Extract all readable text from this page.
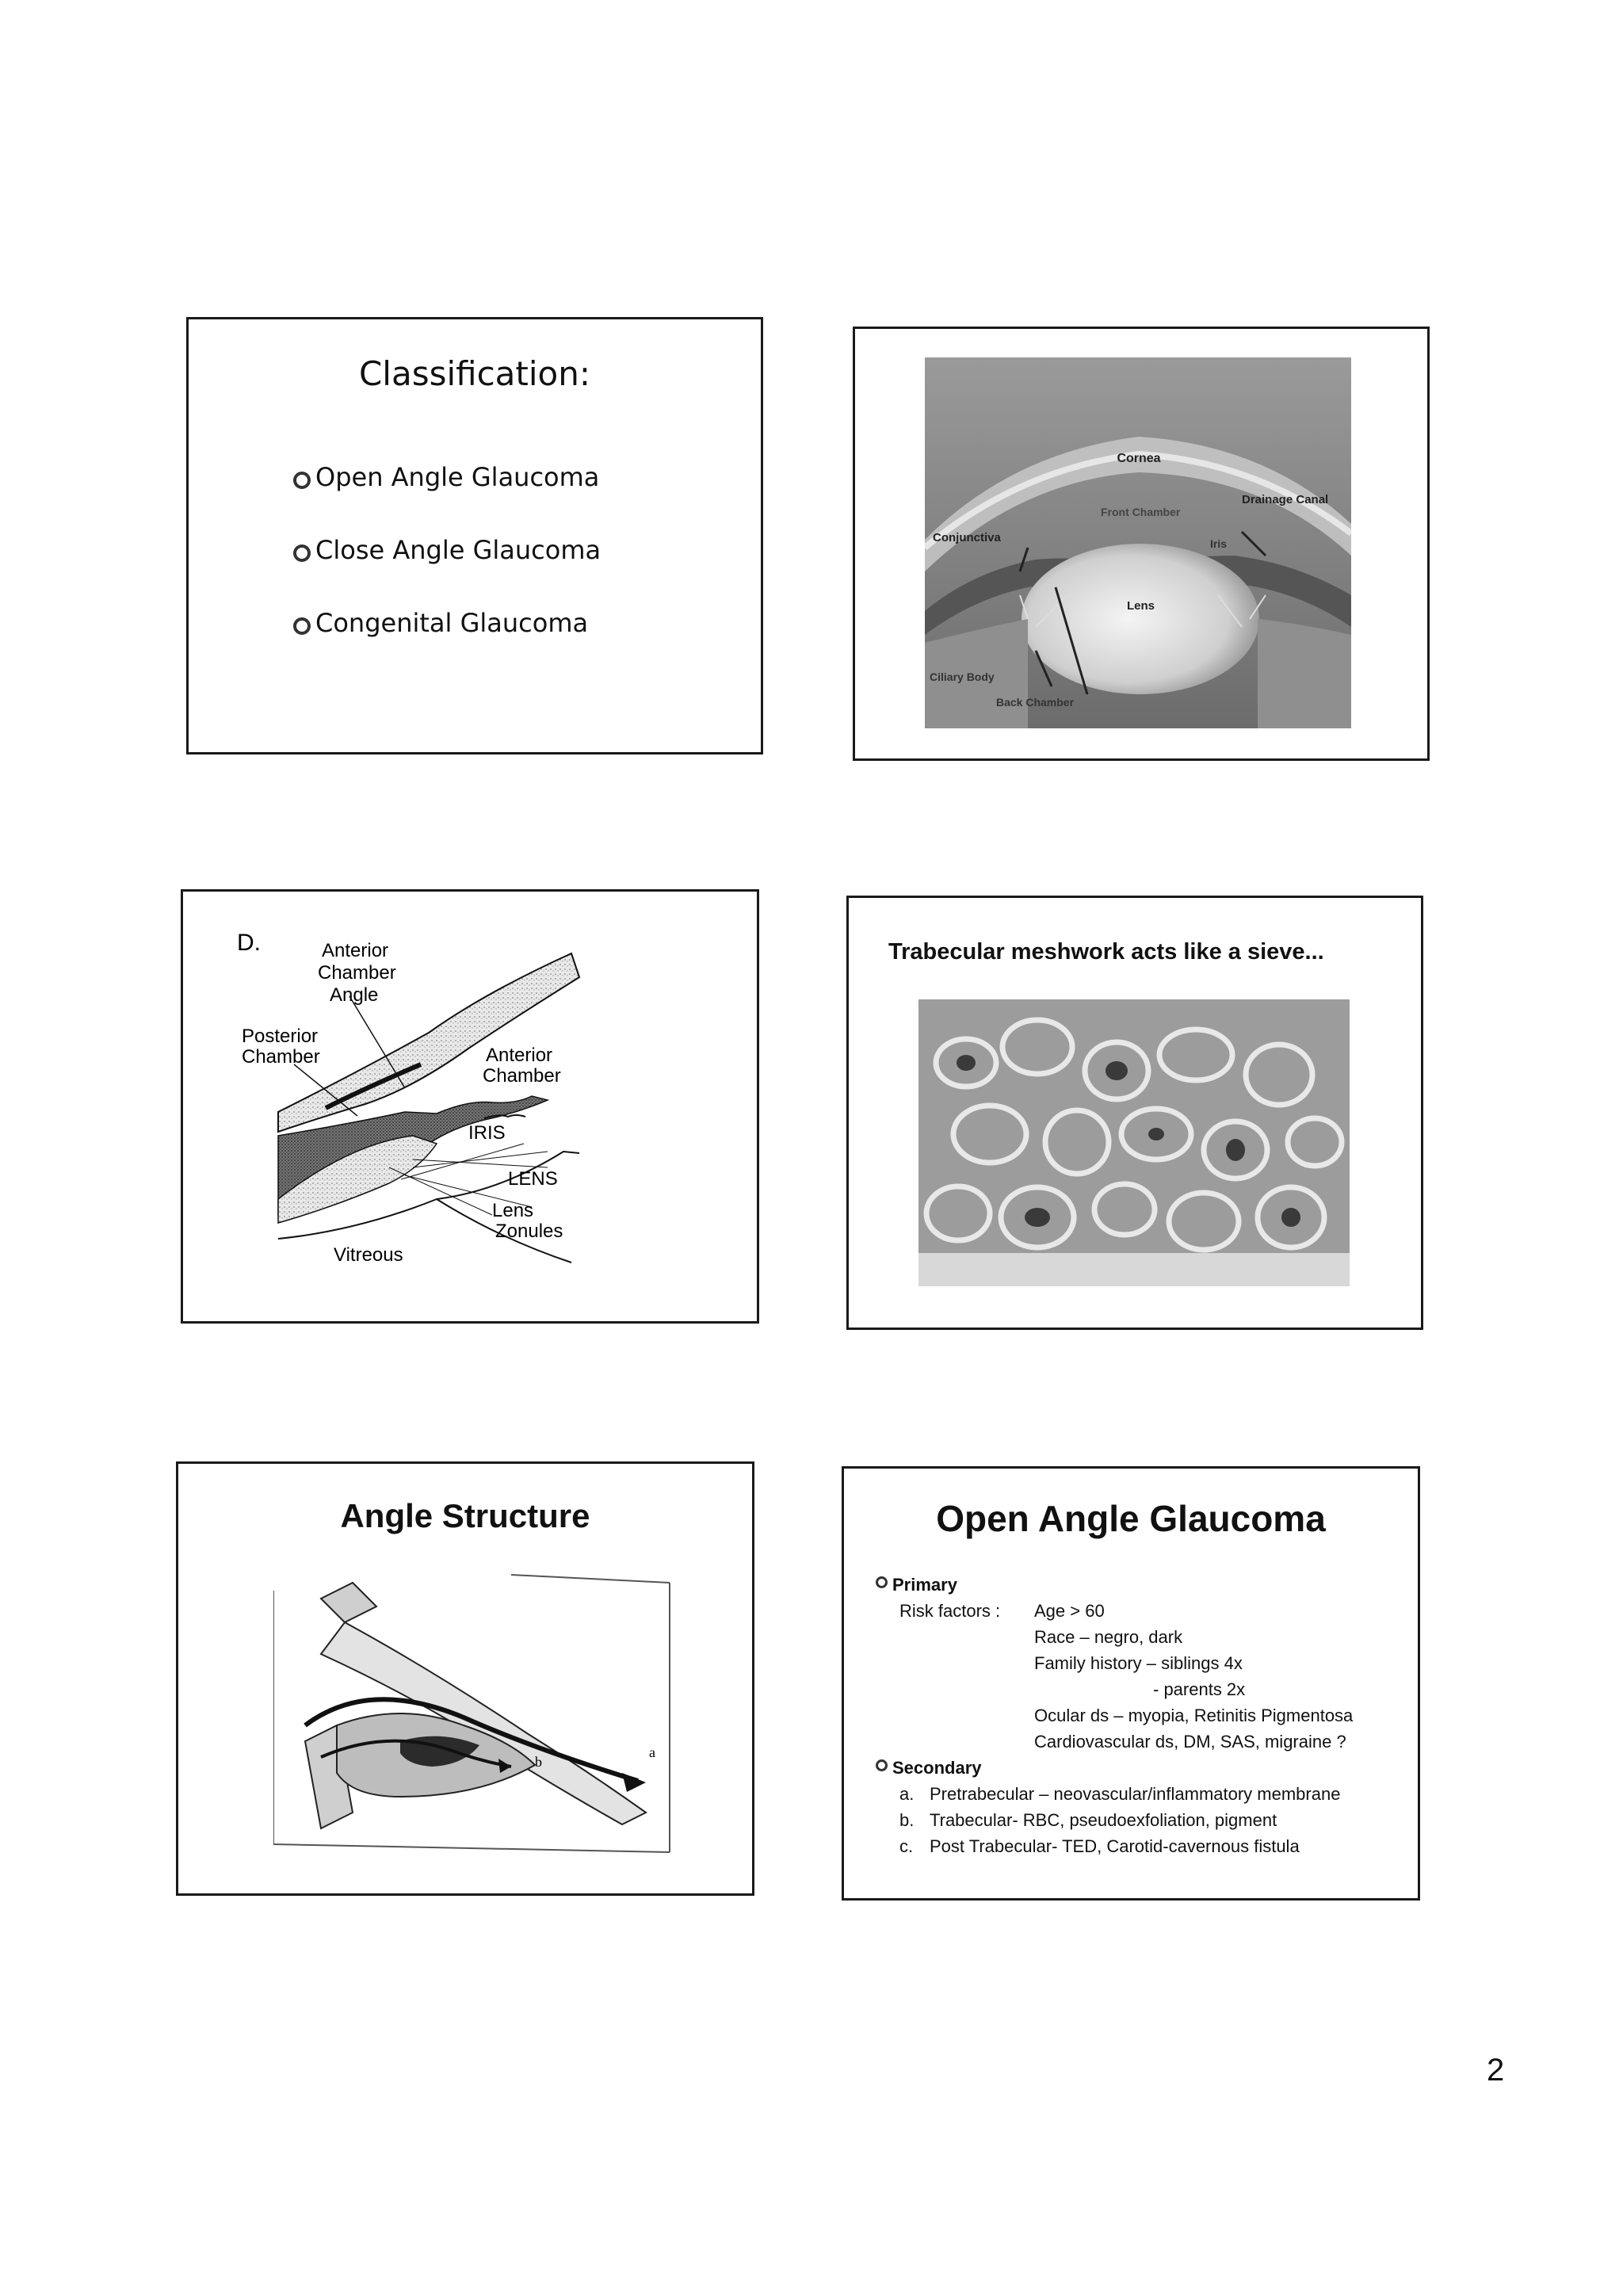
Classification:
Open Angle Glaucoma
Close Angle Glaucoma
Congenital Glaucoma
Cornea
Conjunctiva
Front Chamber
Drainage Canal
Iris
Lens
Ciliary Body
Back Chamber
D.	Anterior
Chamber
Angle
Posterior
Chamber	Anterior
Chamber
IRIS
LENS
Lens
Zonules
Vitreous
Trabecular meshwork acts like a sieve...
Angle Structure
a
b
Open Angle Glaucoma
Primary
Risk factors :	Age > 60
Race – negro, dark
Family history – siblings 4x
- parents 2x
Ocular ds – myopia, Retinitis Pigmentosa
Cardiovascular ds, DM, SAS, migraine ?
Secondary
a. Pretrabecular – neovascular/inflammatory membrane
b. Trabecular- RBC, pseudoexfoliation, pigment
c. Post Trabecular- TED, Carotid-cavernous fistula
2
